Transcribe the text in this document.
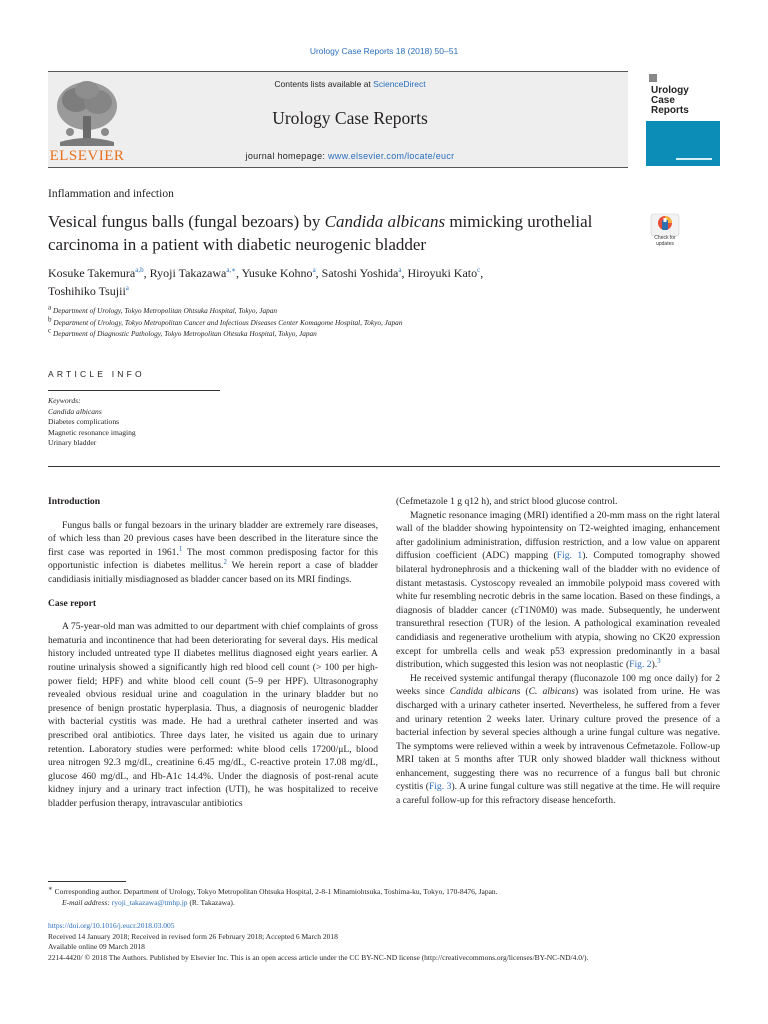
Urology Case Reports 18 (2018) 50–51
ELSEVIER
Contents lists available at ScienceDirect
Urology Case Reports
journal homepage: www.elsevier.com/locate/eucr
Urology
Case
Reports
Inflammation and infection
Vesical fungus balls (fungal bezoars) by Candida albicans mimicking urothelial carcinoma in a patient with diabetic neurogenic bladder	Check for
updates
Kosuke Takemura$^{a,b}$, Ryoji Takazawa$^{a,∗}$, Yusuke Kohno$^a$, Satoshi Yoshida$^a$, Hiroyuki Kato$^c$,
Toshihiko Tsujii$^a$
$^a$ Department of Urology, Tokyo Metropolitan Ohtsuka Hospital, Tokyo, Japan
$^b$ Department of Urology, Tokyo Metropolitan Cancer and Infectious Diseases Center Komagome Hospital, Tokyo, Japan
$^c$ Department of Diagnostic Pathology, Tokyo Metropolitan Ohtsuka Hospital, Tokyo, Japan
ARTICLE INFO
Keywords:
Candida albicans
Diabetes complications
Magnetic resonance imaging
Urinary bladder
Introduction

Fungus balls or fungal bezoars in the urinary bladder are extremely rare diseases, of which less than 20 previous cases have been described in the literature since the first case was reported in 1961.$^1$ The most common predisposing factor for this opportunistic infection is diabetes mellitus.$^2$ We herein report a case of bladder candidiasis initially misdiagnosed as bladder cancer based on its MRI findings.

Case report

A 75-year-old man was admitted to our department with chief complaints of gross hematuria and incontinence that had been deteriorating for several days. His medical history included untreated type II diabetes mellitus diagnosed eight years earlier. A routine urinalysis showed a significantly high red blood cell count (> 100 per high-power field; HPF) and white blood cell count (5–9 per HPF). Ultrasonography revealed obvious residual urine and coagulation in the urinary bladder but no presence of benign prostatic hyperplasia. Thus, a diagnosis of neurogenic bladder with bacterial cystitis was made. He had a urethral catheter inserted and was prescribed oral antibiotics. Three days later, he visited us again due to urinary retention. Laboratory studies were performed: white blood cells 17200/μL, blood urea nitrogen 92.3 mg/dL, creatinine 6.45 mg/dL, C-reactive protein 17.08 mg/dL, glucose 460 mg/dL, and Hb-A1c 14.4%. Under the diagnosis of post-renal acute kidney injury and a urinary tract infection (UTI), he was hospitalized to receive bladder perfusion therapy, intravascular antibiotics

(Cefmetazole 1 g q12 h), and strict blood glucose control.

Magnetic resonance imaging (MRI) identified a 20-mm mass on the right lateral wall of the bladder showing hypointensity on T2-weighted imaging, enhancement after gadolinium administration, diffusion restriction, and a low value on apparent diffusion coefficient (ADC) mapping (Fig. 1). Computed tomography showed bilateral hydronephrosis and a thickening wall of the bladder with no evidence of distant metastasis. Cystoscopy revealed an immobile polypoid mass covered with white fur resembling necrotic debris in the same location. Based on these findings, a diagnosis of bladder cancer (cT1N0M0) was made. Subsequently, he underwent transurethral resection (TUR) of the lesion. A pathological examination revealed candidiasis and regenerative urothelium with atypia, showing no CK20 expression except for umbrella cells and weak p53 expression predominantly in a basal distribution, which suggested this lesion was not neoplastic (Fig. 2).$^3$

He received systemic antifungal therapy (fluconazole 100 mg once daily) for 2 weeks since Candida albicans (C. albicans) was isolated from urine. He was discharged with a urinary catheter inserted. Nevertheless, he suffered from a fever and urinary retention 2 weeks later. Urinary culture proved the presence of a bacterial infection by several species although a urine fungal culture was negative. The symptoms were relieved within a week by intravenous Cefmetazole. Follow-up MRI taken at 5 months after TUR only showed bladder wall thickness without enhancement, suggesting there was no recurrence of a fungus ball but chronic cystitis (Fig. 3). A urine fungal culture was still negative at the time. He will require a careful follow-up for this refractory disease henceforth.

∗ Corresponding author. Department of Urology, Tokyo Metropolitan Ohtsuka Hospital, 2-8-1 Minamiohtsuka, Toshima-ku, Tokyo, 170-8476, Japan.
E-mail address: ryoji_takazawa@tmhp.jp (R. Takazawa).
https://doi.org/10.1016/j.eucr.2018.03.005
Received 14 January 2018; Received in revised form 26 February 2018; Accepted 6 March 2018
Available online 09 March 2018
2214-4420/ © 2018 The Authors. Published by Elsevier Inc. This is an open access article under the CC BY-NC-ND license (http://creativecommons.org/licenses/BY-NC-ND/4.0/).
